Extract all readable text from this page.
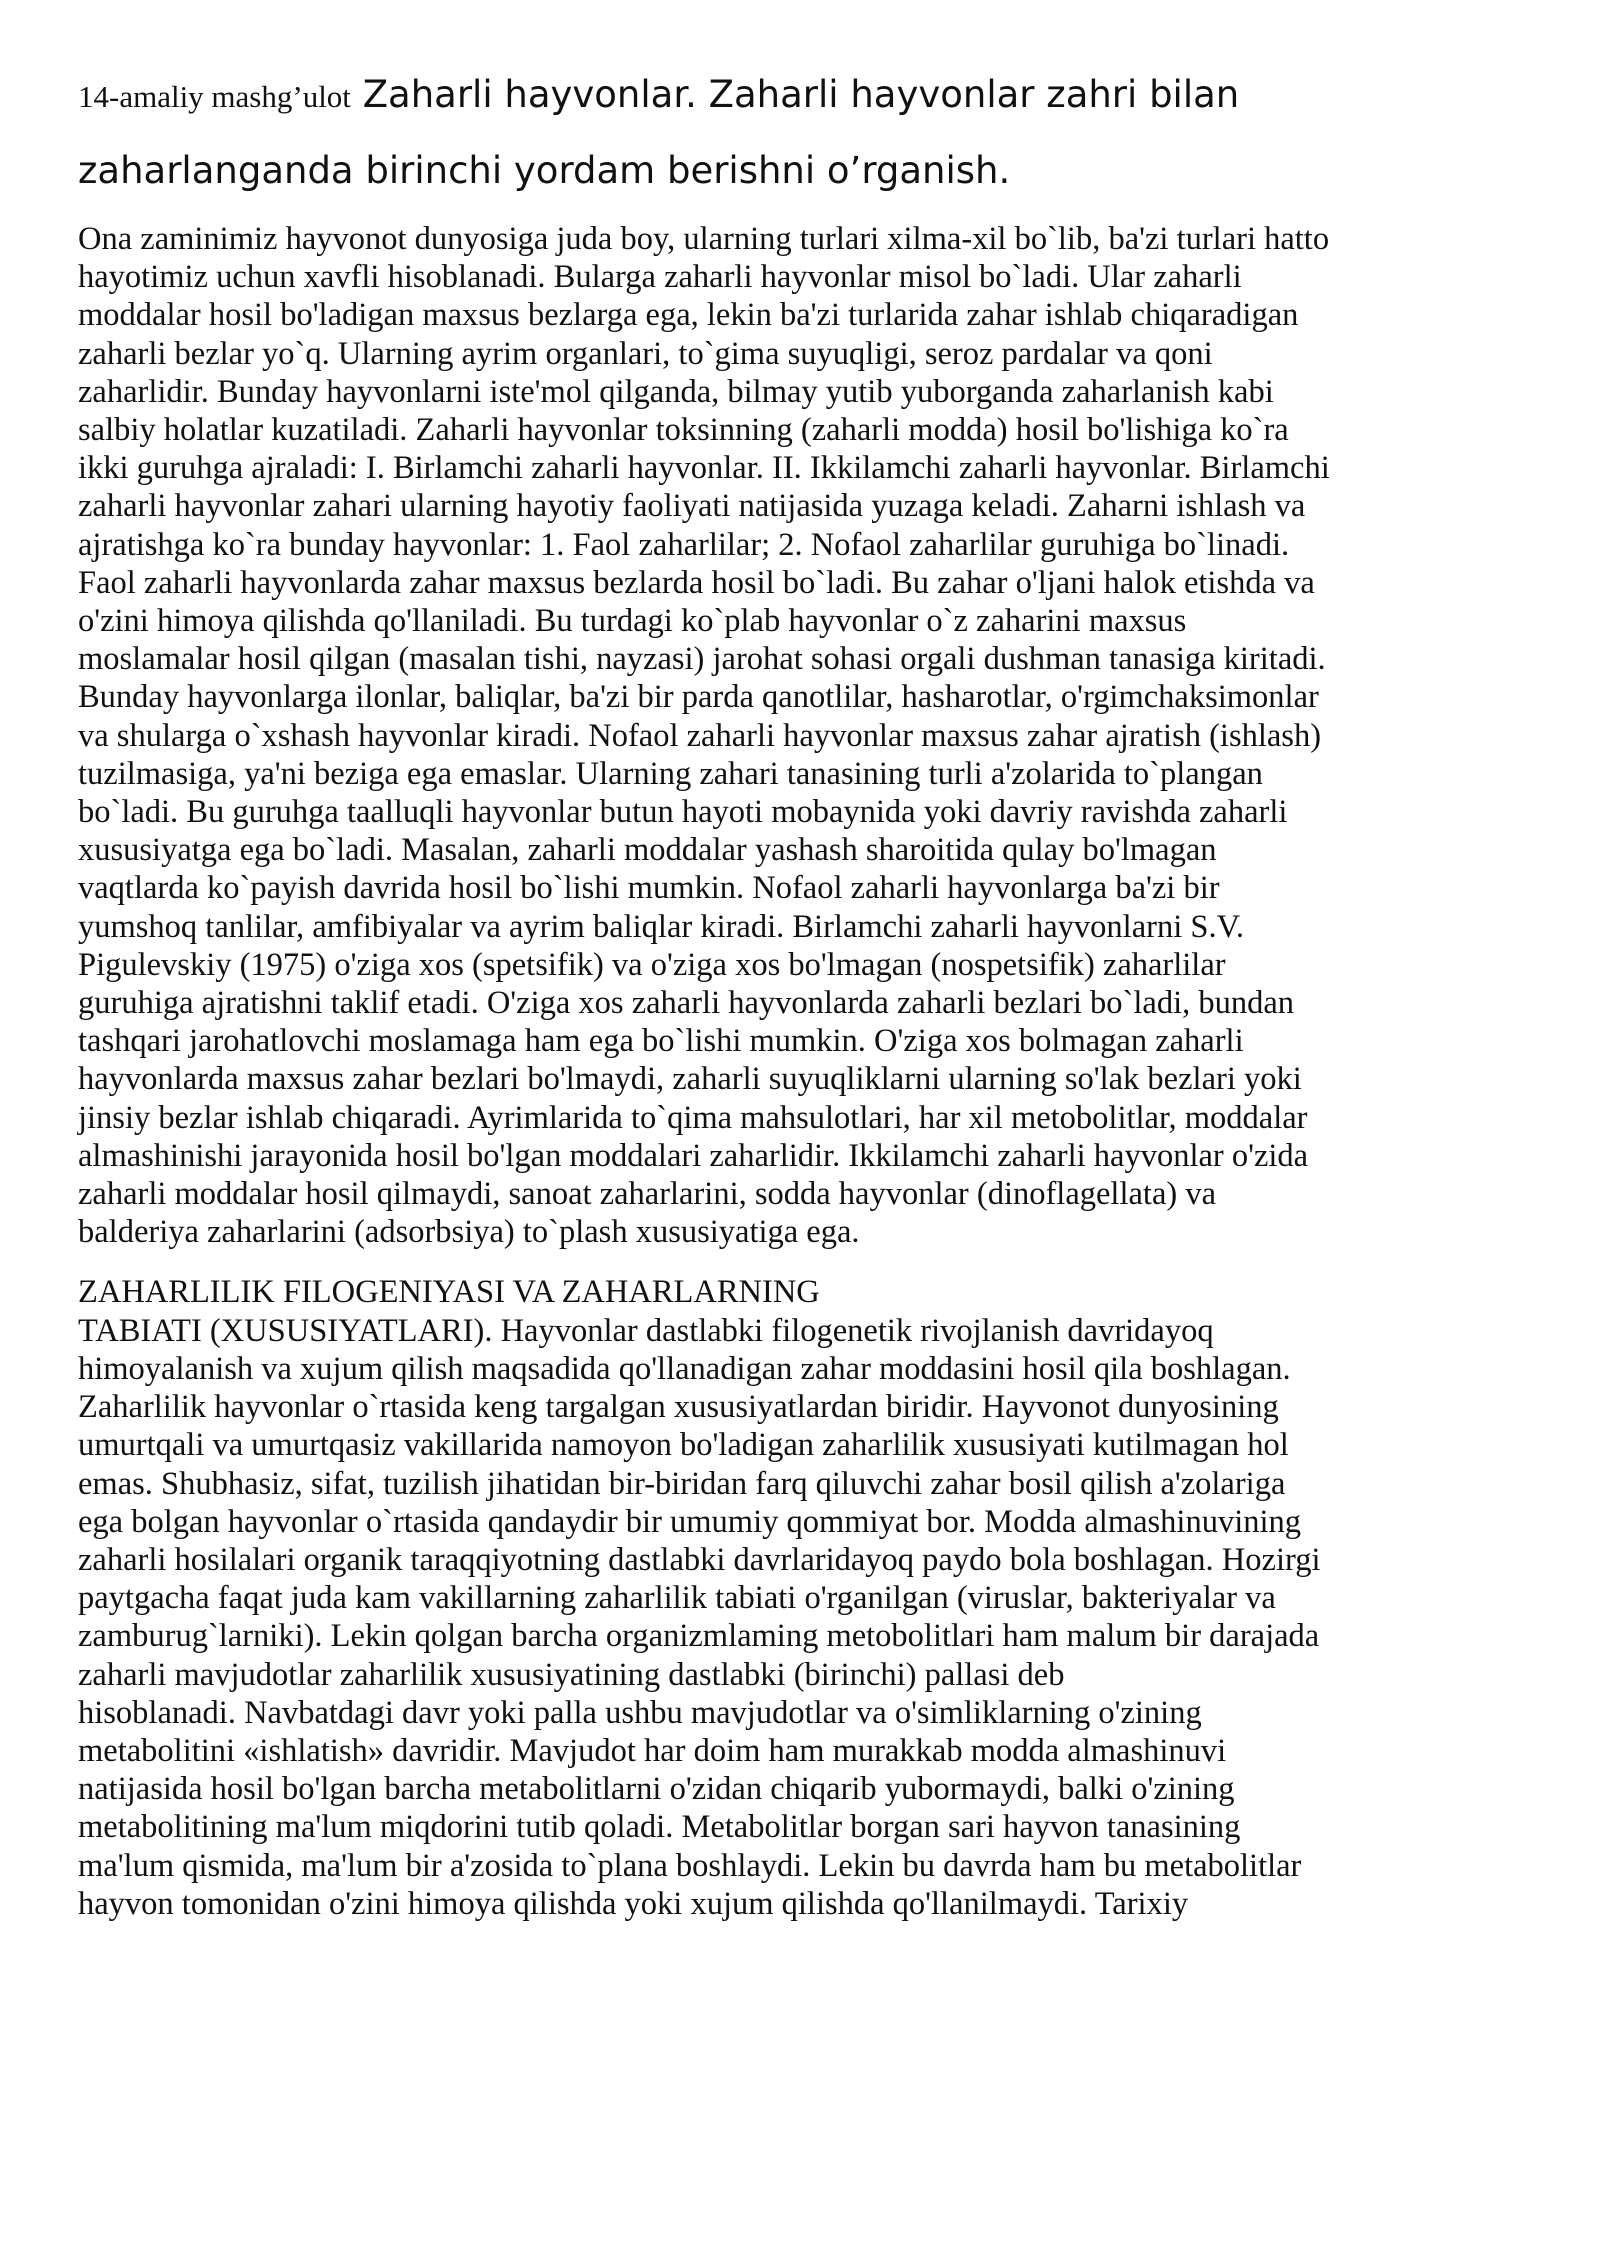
14-amaliy mashg’ulot Zaharli hayvonlar. Zaharli hayvonlar zahri bilan
zaharlanganda birinchi yordam berishni o’rganish.

Ona zaminimiz hayvonot dunyosiga juda boy, ularning turlari xilma-xil bo`lib, ba'zi turlari hatto
hayotimiz uchun xavfli hisoblanadi. Bularga zaharli hayvonlar misol bo`ladi. Ular zaharli
moddalar hosil bo'ladigan maxsus bezlarga ega, lekin ba'zi turlarida zahar ishlab chiqaradigan
zaharli bezlar yo`q. Ularning ayrim organlari, to`gima suyuqligi, seroz pardalar va qoni
zaharlidir. Bunday hayvonlarni iste'mol qilganda, bilmay yutib yuborganda zaharlanish kabi
salbiy holatlar kuzatiladi. Zaharli hayvonlar toksinning (zaharli modda) hosil bo'lishiga ko`ra
ikki guruhga ajraladi: I. Birlamchi zaharli hayvonlar. II. Ikkilamchi zaharli hayvonlar. Birlamchi
zaharli hayvonlar zahari ularning hayotiy faoliyati natijasida yuzaga keladi. Zaharni ishlash va
ajratishga ko`ra bunday hayvonlar: 1. Faol zaharlilar; 2. Nofaol zaharlilar guruhiga bo`linadi.
Faol zaharli hayvonlarda zahar maxsus bezlarda hosil bo`ladi. Bu zahar o'ljani halok etishda va
o'zini himoya qilishda qo'llaniladi. Bu turdagi ko`plab hayvonlar o`z zaharini maxsus
moslamalar hosil qilgan (masalan tishi, nayzasi) jarohat sohasi orgali dushman tanasiga kiritadi.
Bunday hayvonlarga ilonlar, baliqlar, ba'zi bir parda qanotlilar, hasharotlar, o'rgimchaksimonlar
va shularga o`xshash hayvonlar kiradi. Nofaol zaharli hayvonlar maxsus zahar ajratish (ishlash)
tuzilmasiga, ya'ni beziga ega emaslar. Ularning zahari tanasining turli a'zolarida to`plangan
bo`ladi. Bu guruhga taalluqli hayvonlar butun hayoti mobaynida yoki davriy ravishda zaharli
xususiyatga ega bo`ladi. Masalan, zaharli moddalar yashash sharoitida qulay bo'lmagan
vaqtlarda ko`payish davrida hosil bo`lishi mumkin. Nofaol zaharli hayvonlarga ba'zi bir
yumshoq tanlilar, amfibiyalar va ayrim baliqlar kiradi. Birlamchi zaharli hayvonlarni S.V.
Pigulevskiy (1975) o'ziga xos (spetsifik) va o'ziga xos bo'lmagan (nospetsifik) zaharlilar
guruhiga ajratishni taklif etadi. O'ziga xos zaharli hayvonlarda zaharli bezlari bo`ladi, bundan
tashqari jarohatlovchi moslamaga ham ega bo`lishi mumkin. O'ziga xos bolmagan zaharli
hayvonlarda maxsus zahar bezlari bo'lmaydi, zaharli suyuqliklarni ularning so'lak bezlari yoki
jinsiy bezlar ishlab chiqaradi. Ayrimlarida to`qima mahsulotlari, har xil metobolitlar, moddalar
almashinishi jarayonida hosil bo'lgan moddalari zaharlidir. Ikkilamchi zaharli hayvonlar o'zida
zaharli moddalar hosil qilmaydi, sanoat zaharlarini, sodda hayvonlar (dinoflagellata) va
balderiya zaharlarini (adsorbsiya) to`plash xususiyatiga ega.

ZAHARLILIK FILOGENIYASI VA ZAHARLARNING
TABIATI (XUSUSIYATLARI). Hayvonlar dastlabki filogenetik rivojlanish davridayoq
himoyalanish va xujum qilish maqsadida qo'llanadigan zahar moddasini hosil qila boshlagan.
Zaharlilik hayvonlar o`rtasida keng targalgan xususiyatlardan biridir. Hayvonot dunyosining
umurtqali va umurtqasiz vakillarida namoyon bo'ladigan zaharlilik xususiyati kutilmagan hol
emas. Shubhasiz, sifat, tuzilish jihatidan bir-biridan farq qiluvchi zahar bosil qilish a'zolariga
ega bolgan hayvonlar o`rtasida qandaydir bir umumiy qommiyat bor. Modda almashinuvining
zaharli hosilalari organik taraqqiyotning dastlabki davrlaridayoq paydo bola boshlagan. Hozirgi
paytgacha faqat juda kam vakillarning zaharlilik tabiati o'rganilgan (viruslar, bakteriyalar va
zamburug`larniki). Lekin qolgan barcha organizmlaming metobolitlari ham malum bir darajada
zaharli mavjudotlar zaharlilik xususiyatining dastlabki (birinchi) pallasi deb
hisoblanadi. Navbatdagi davr yoki palla ushbu mavjudotlar va o'simliklarning o'zining
metabolitini «ishlatish» davridir. Mavjudot har doim ham murakkab modda almashinuvi
natijasida hosil bo'lgan barcha metabolitlarni o'zidan chiqarib yubormaydi, balki o'zining
metabolitining ma'lum miqdorini tutib qoladi. Metabolitlar borgan sari hayvon tanasining
ma'lum qismida, ma'lum bir a'zosida to`plana boshlaydi. Lekin bu davrda ham bu metabolitlar
hayvon tomonidan o'zini himoya qilishda yoki xujum qilishda qo'llanilmaydi. Tarixiy
